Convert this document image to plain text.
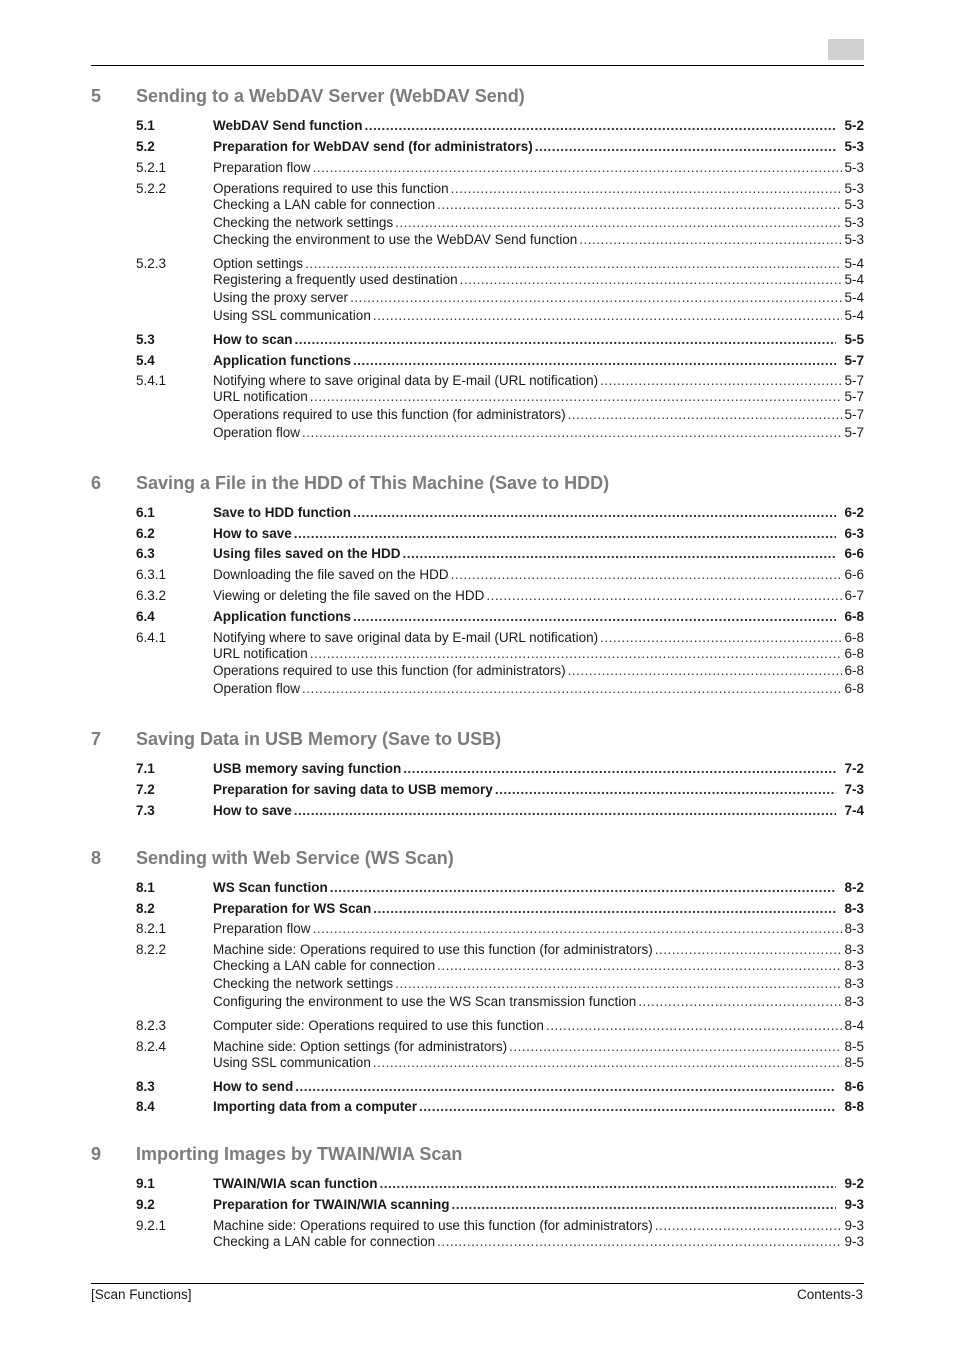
5 Sending to a WebDAV Server (WebDAV Send)
5.1	WebDAV Send function .....	5-2
5.2	Preparation for WebDAV send (for administrators) .....	5-3
5.2.1	Preparation flow .....	5-3
5.2.2	Operations required to use this function .....	5-3
Checking a LAN cable for connection .....	5-3
Checking the network settings .....	5-3
Checking the environment to use the WebDAV Send function .....	5-3
5.2.3	Option settings .....	5-4
Registering a frequently used destination .....	5-4
Using the proxy server .....	5-4
Using SSL communication .....	5-4
5.3	How to scan .....	5-5
5.4	Application functions .....	5-7
5.4.1	Notifying where to save original data by E-mail (URL notification) .....	5-7
URL notification .....	5-7
Operations required to use this function (for administrators) .....	5-7
Operation flow .....	5-7
6 Saving a File in the HDD of This Machine (Save to HDD)
6.1	Save to HDD function .....	6-2
6.2	How to save .....	6-3
6.3	Using files saved on the HDD .....	6-6
6.3.1	Downloading the file saved on the HDD .....	6-6
6.3.2	Viewing or deleting the file saved on the HDD .....	6-7
6.4	Application functions .....	6-8
6.4.1	Notifying where to save original data by E-mail (URL notification) .....	6-8
URL notification .....	6-8
Operations required to use this function (for administrators) .....	6-8
Operation flow .....	6-8
7 Saving Data in USB Memory (Save to USB)
7.1	USB memory saving function .....	7-2
7.2	Preparation for saving data to USB memory .....	7-3
7.3	How to save .....	7-4
8 Sending with Web Service (WS Scan)
8.1	WS Scan function .....	8-2
8.2	Preparation for WS Scan .....	8-3
8.2.1	Preparation flow .....	8-3
8.2.2	Machine side: Operations required to use this function (for administrators) .....	8-3
Checking a LAN cable for connection .....	8-3
Checking the network settings .....	8-3
Configuring the environment to use the WS Scan transmission function .....	8-3
8.2.3	Computer side: Operations required to use this function .....	8-4
8.2.4	Machine side: Option settings (for administrators) .....	8-5
Using SSL communication .....	8-5
8.3	How to send .....	8-6
8.4	Importing data from a computer .....	8-8
9 Importing Images by TWAIN/WIA Scan
9.1	TWAIN/WIA scan function .....	9-2
9.2	Preparation for TWAIN/WIA scanning .....	9-3
9.2.1	Machine side: Operations required to use this function (for administrators) .....	9-3
Checking a LAN cable for connection .....	9-3
[Scan Functions]	Contents-3
